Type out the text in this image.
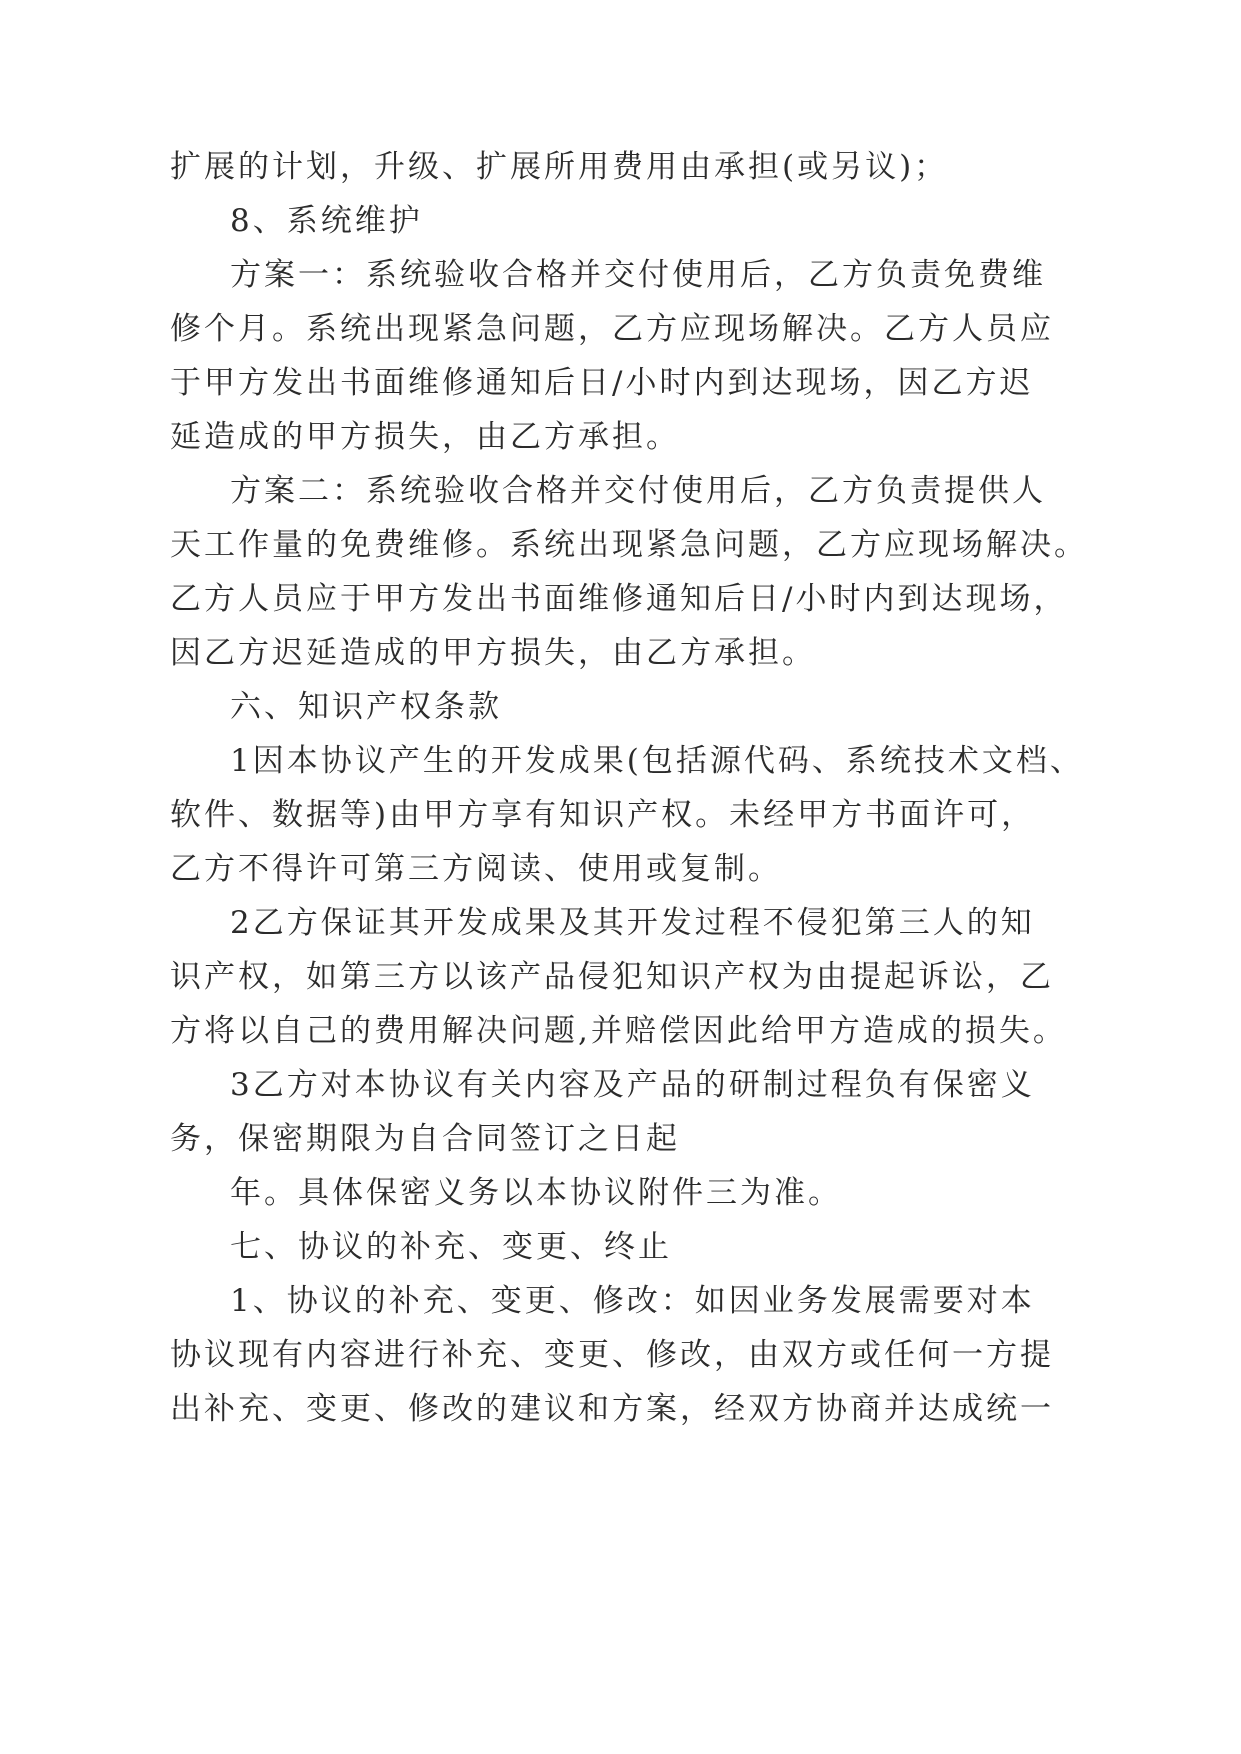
扩展的计划，升级、扩展所用费用由承担(或另议)；
8、系统维护
方案一：系统验收合格并交付使用后，乙方负责免费维
修个月。系统出现紧急问题，乙方应现场解决。乙方人员应
于甲方发出书面维修通知后日/小时内到达现场，因乙方迟
延造成的甲方损失，由乙方承担。
方案二：系统验收合格并交付使用后，乙方负责提供人
天工作量的免费维修。系统出现紧急问题，乙方应现场解决。
乙方人员应于甲方发出书面维修通知后日/小时内到达现场，
因乙方迟延造成的甲方损失，由乙方承担。
六、知识产权条款
1因本协议产生的开发成果(包括源代码、系统技术文档、
软件、数据等)由甲方享有知识产权。未经甲方书面许可，
乙方不得许可第三方阅读、使用或复制。
2乙方保证其开发成果及其开发过程不侵犯第三人的知
识产权，如第三方以该产品侵犯知识产权为由提起诉讼，乙
方将以自己的费用解决问题,并赔偿因此给甲方造成的损失。
3乙方对本协议有关内容及产品的研制过程负有保密义
务，保密期限为自合同签订之日起
年。具体保密义务以本协议附件三为准。
七、协议的补充、变更、终止
1、协议的补充、变更、修改：如因业务发展需要对本
协议现有内容进行补充、变更、修改，由双方或任何一方提
出补充、变更、修改的建议和方案，经双方协商并达成统一
